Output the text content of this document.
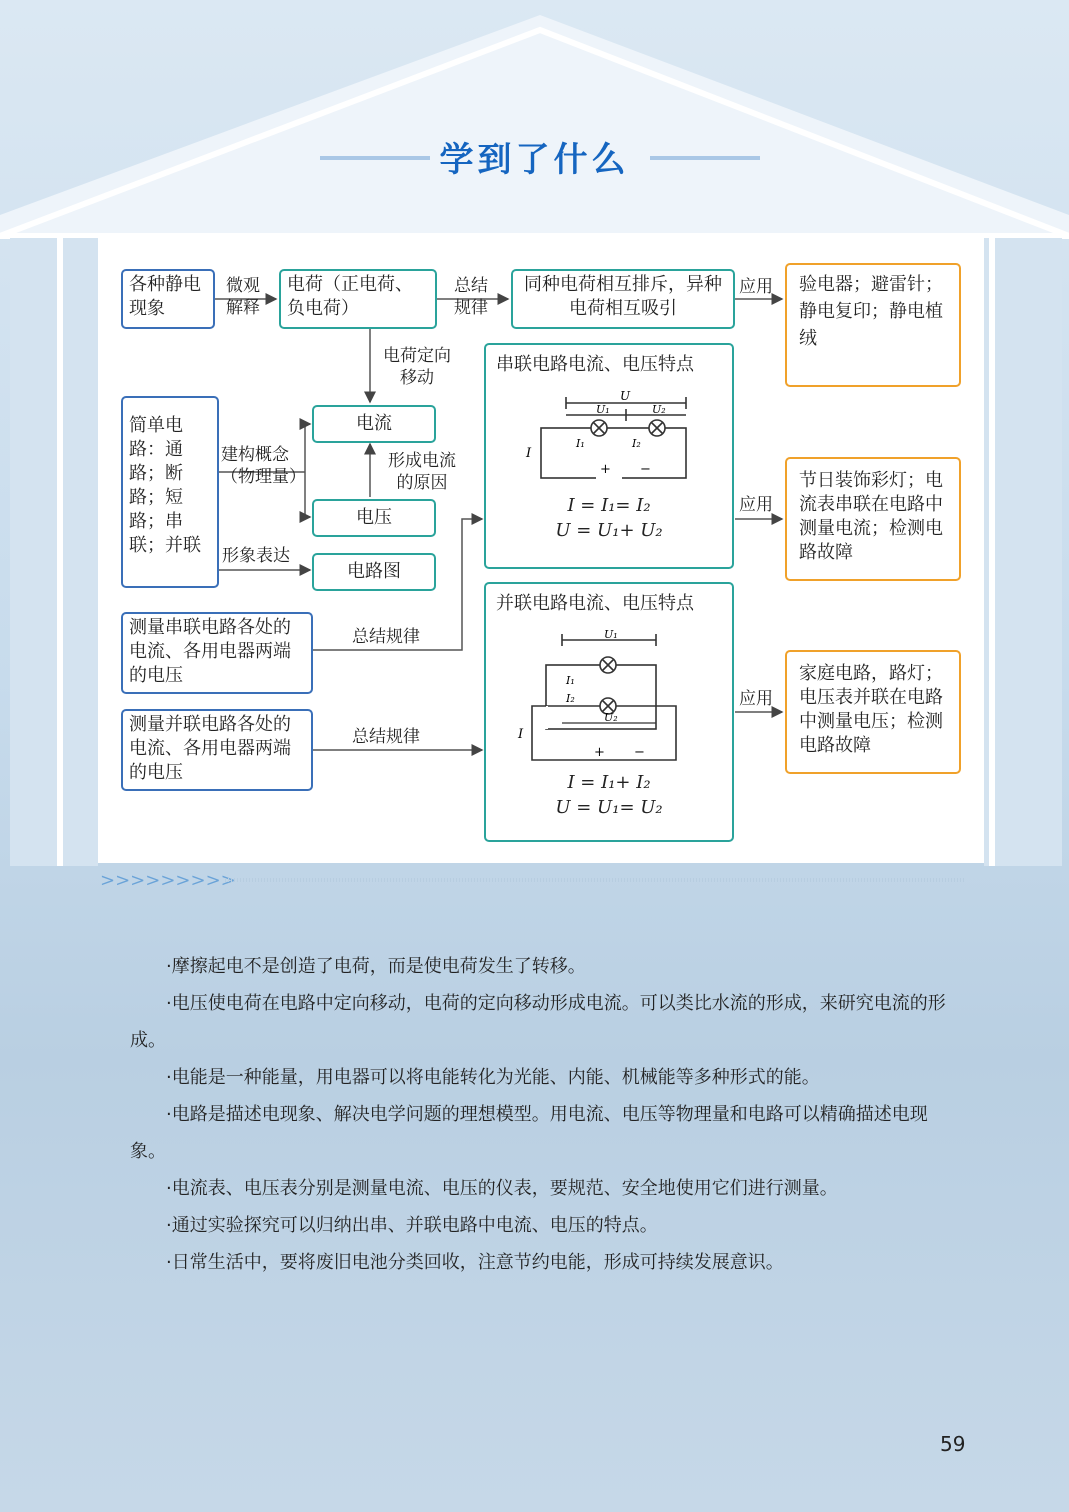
>>>>>>>>>
学到了什么
各种静电现象
微观解释
电荷（正电荷、负电荷）
总结规律
同种电荷相互排斥，异种电荷相互吸引
应用	验电器；避雷针；静电复印；静电植绒
电荷定向移动
简单电路：通路；断路；短路；串联；并联
建构概念（物理量）
电流
形成电流的原因
电压
形象表达
电路图
测量串联电路各处的电流、各用电器两端的电压
总结规律
测量并联电路各处的电流、各用电器两端的电压
总结规律
串联电路电流、电压特点
U
U₁	U₂
I
I₁	I₂
+ −
I = I₁= I₂
U = U₁+ U₂
应用
节日装饰彩灯；电流表串联在电路中测量电流；检测电路故障
并联电路电流、电压特点
U₁
U₂
I
I₁
I₂
+ −
I = I₁+ I₂
U = U₁= U₂
应用
家庭电路，路灯；电压表并联在电路中测量电压；检测电路故障

·摩擦起电不是创造了电荷，而是使电荷发生了转移。

·电压使电荷在电路中定向移动，电荷的定向移动形成电流。可以类比水流的形成，来研究电流的形成。

·电能是一种能量，用电器可以将电能转化为光能、内能、机械能等多种形式的能。

·电路是描述电现象、解决电学问题的理想模型。用电流、电压等物理量和电路可以精确描述电现象。

·电流表、电压表分别是测量电流、电压的仪表，要规范、安全地使用它们进行测量。

·通过实验探究可以归纳出串、并联电路中电流、电压的特点。

·日常生活中，要将废旧电池分类回收，注意节约电能，形成可持续发展意识。

59
